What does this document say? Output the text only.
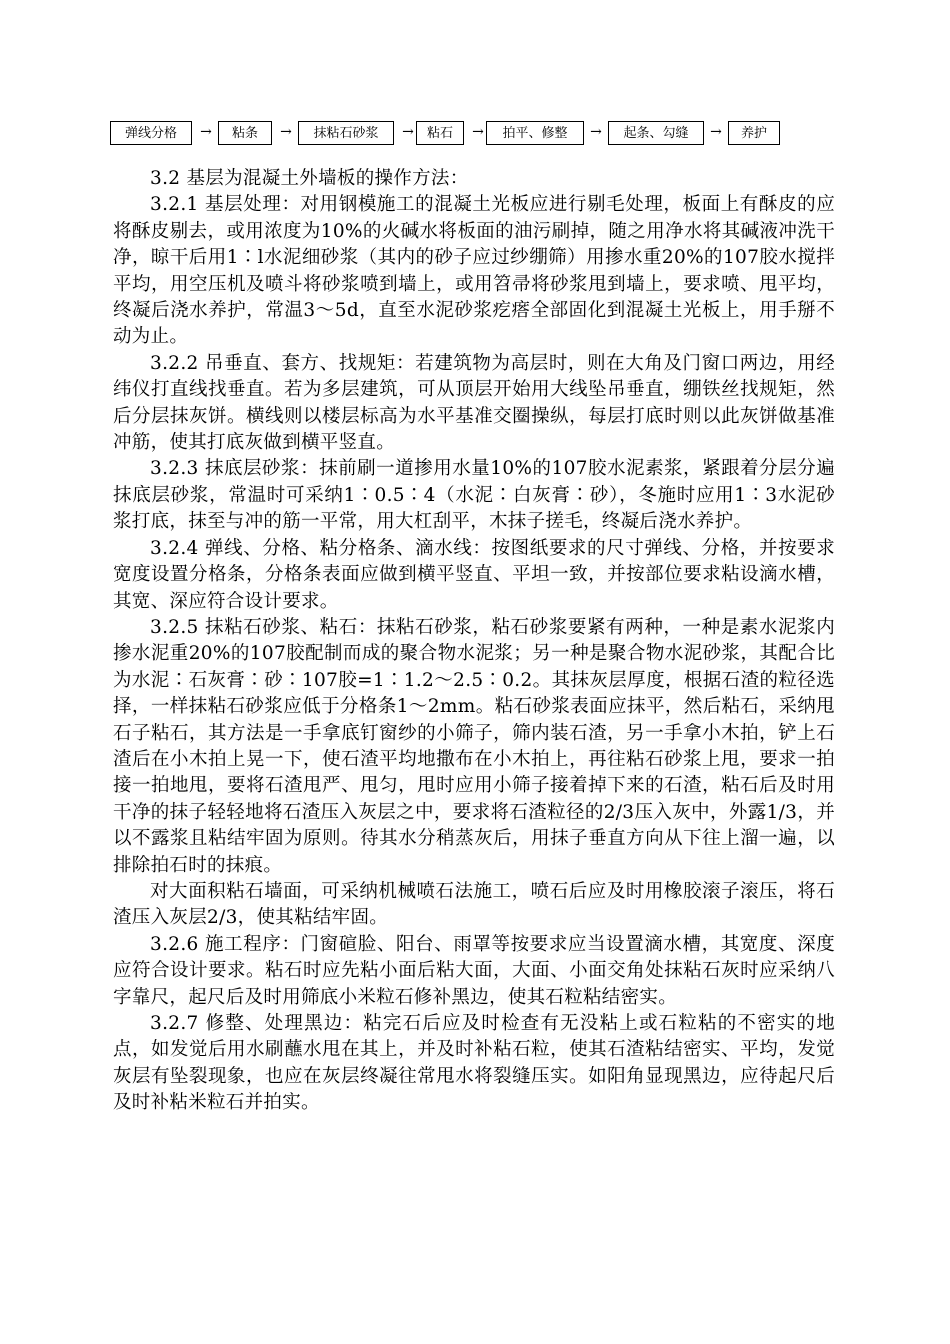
弹线分格	→	粘条	→	抹粘石砂浆	→	粘石	→	拍平、修整	→	起条、勾缝	→	养护

3.2 基层为混凝土外墙板的操作方法：

3.2.1 基层处理：对用钢模施工的混凝土光板应进行剔毛处理，板面上有酥皮的应将酥皮剔去，或用浓度为10%的火碱水将板面的油污刷掉，随之用净水将其碱液冲洗干净，晾干后用1∶l水泥细砂浆（其内的砂子应过纱绷筛）用掺水重20%的107胶水搅拌平均，用空压机及喷斗将砂浆喷到墙上，或用笤帚将砂浆甩到墙上，要求喷、甩平均，终凝后浇水养护，常温3～5d，直至水泥砂浆疙瘩全部固化到混凝土光板上，用手掰不动为止。

3.2.2 吊垂直、套方、找规矩：若建筑物为高层时，则在大角及门窗口两边，用经纬仪打直线找垂直。若为多层建筑，可从顶层开始用大线坠吊垂直，绷铁丝找规矩，然后分层抹灰饼。横线则以楼层标高为水平基准交圈操纵，每层打底时则以此灰饼做基准冲筋，使其打底灰做到横平竖直。

3.2.3 抹底层砂浆：抹前刷一道掺用水量10%的107胶水泥素浆，紧跟着分层分遍抹底层砂浆，常温时可采纳1∶0.5∶4（水泥∶白灰膏∶砂），冬施时应用1∶3水泥砂浆打底，抹至与冲的筋一平常，用大杠刮平，木抹子搓毛，终凝后浇水养护。

3.2.4 弹线、分格、粘分格条、滴水线：按图纸要求的尺寸弹线、分格，并按要求宽度设置分格条，分格条表面应做到横平竖直、平坦一致，并按部位要求粘设滴水槽，其宽、深应符合设计要求。

3.2.5 抹粘石砂浆、粘石：抹粘石砂浆，粘石砂浆要紧有两种，一种是素水泥浆内掺水泥重20%的107胶配制而成的聚合物水泥浆；另一种是聚合物水泥砂浆，其配合比为水泥∶石灰膏∶砂∶107胶=1∶1.2～2.5∶0.2。其抹灰层厚度，根据石渣的粒径选择，一样抹粘石砂浆应低于分格条1～2mm。粘石砂浆表面应抹平，然后粘石，采纳甩石子粘石，其方法是一手拿底钉窗纱的小筛子，筛内装石渣，另一手拿小木拍，铲上石渣后在小木拍上晃一下，使石渣平均地撒布在小木拍上，再往粘石砂浆上甩，要求一拍接一拍地甩，要将石渣甩严、甩匀，甩时应用小筛子接着掉下来的石渣，粘石后及时用干净的抹子轻轻地将石渣压入灰层之中，要求将石渣粒径的2/3压入灰中，外露1/3，并以不露浆且粘结牢固为原则。待其水分稍蒸灰后，用抹子垂直方向从下往上溜一遍，以排除拍石时的抹痕。

对大面积粘石墙面，可采纳机械喷石法施工，喷石后应及时用橡胶滚子滚压，将石渣压入灰层2/3，使其粘结牢固。

3.2.6 施工程序：门窗碹脸、阳台、雨罩等按要求应当设置滴水槽，其宽度、深度应符合设计要求。粘石时应先粘小面后粘大面，大面、小面交角处抹粘石灰时应采纳八字靠尺，起尺后及时用筛底小米粒石修补黑边，使其石粒粘结密实。

3.2.7 修整、处理黑边：粘完石后应及时检查有无没粘上或石粒粘的不密实的地点，如发觉后用水刷蘸水甩在其上，并及时补粘石粒，使其石渣粘结密实、平均，发觉灰层有坠裂现象，也应在灰层终凝往常甩水将裂缝压实。如阳角显现黑边，应待起尺后及时补粘米粒石并拍实。
